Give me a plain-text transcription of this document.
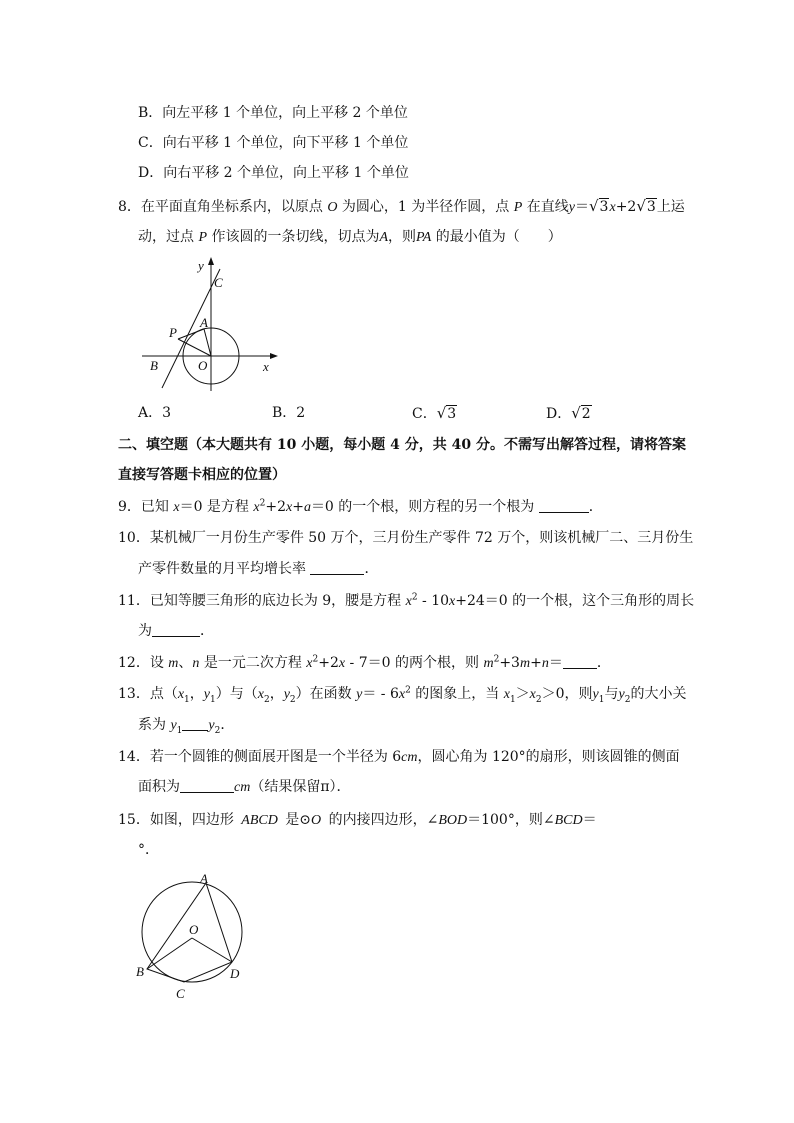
B．向左平移 1 个单位，向上平移 2 个单位
C．向右平移 1 个单位，向下平移 1 个单位
D．向右平移 2 个单位，向上平移 1 个单位
8．在平面直角坐标系内，以原点 O 为圆心，1 为半径作圆，点 P 在直线y＝√3x+2√3上运
动，过点 P 作该圆的一条切线，切点为A，则PA 的最小值为（　　）
y
C
A
P
B	O	x
A．3	B．2	C．√3	D．√2
二、填空题（本大题共有 10 小题，每小题 4 分，共 40 分。不需写出解答过程，请将答案
直接写答题卡相应的位置）
9．已知 x＝0 是方程 $x^2+2x+a=0$ 的一个根，则方程的另一个根为	．
10．某机械厂一月份生产零件 50 万个，三月份生产零件 72 万个，则该机械厂二、三月份生
产零件数量的月平均增长率	．
11．已知等腰三角形的底边长为 9，腰是方程 $x^2 - 10x+24=0$ 的一个根，这个三角形的周长
为	．
12．设 m、n 是一元二次方程 $x^2+2x - 7=0$ 的两个根，则 $m^2+3m+n=$ ．
13．点（$x_1$，$y_1$）与（$x_2$，$y_2$）在函数 $y= - 6x^2$ 的图象上，当 $x_1>x_2>0$，则$y_1$与$y_2$的大小关
系为 $y_1$ $y_2$．
14．若一个圆锥的侧面展开图是一个半径为 6cm，圆心角为 120°的扇形，则该圆锥的侧面
面积为	cm（结果保留π）．
15．如图，四边形 ABCD 是⊙O 的内接四边形，∠BOD＝100°，则∠BCD＝
°．
A
O
B
C
D
